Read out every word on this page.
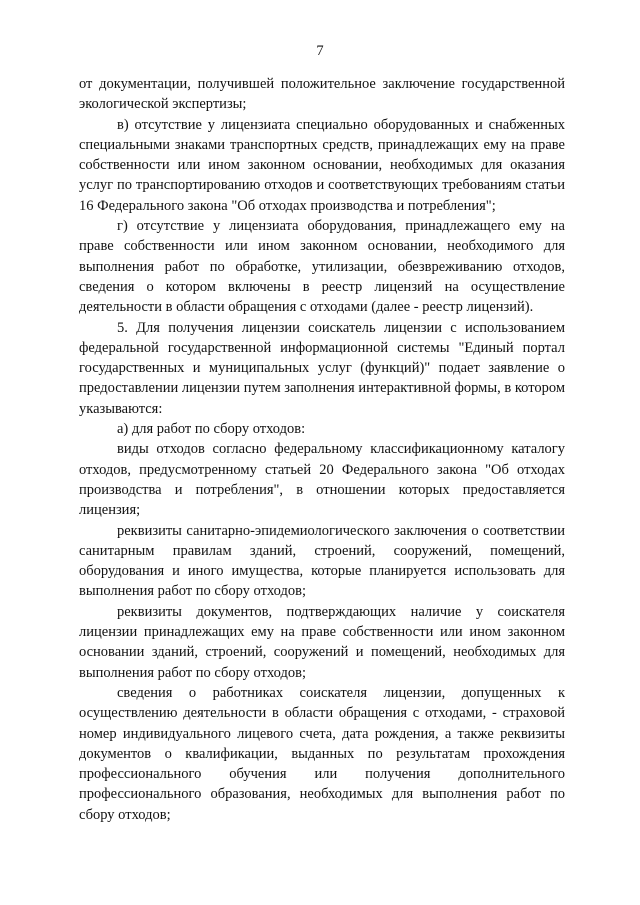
7

от документации, получившей положительное заключение государственной экологической экспертизы;

в) отсутствие у лицензиата специально оборудованных и снабженных специальными знаками транспортных средств, принадлежащих ему на праве собственности или ином законном основании, необходимых для оказания услуг по транспортированию отходов и соответствующих требованиям статьи 16 Федерального закона "Об отходах производства и потребления";

г) отсутствие у лицензиата оборудования, принадлежащего ему на праве собственности или ином законном основании, необходимого для выполнения работ по обработке, утилизации, обезвреживанию отходов, сведения о котором включены в реестр лицензий на осуществление деятельности в области обращения с отходами (далее - реестр лицензий).

5. Для получения лицензии соискатель лицензии с использованием федеральной государственной информационной системы "Единый портал государственных и муниципальных услуг (функций)" подает заявление о предоставлении лицензии путем заполнения интерактивной формы, в котором указываются:

а) для работ по сбору отходов:

виды отходов согласно федеральному классификационному каталогу отходов, предусмотренному статьей 20 Федерального закона "Об отходах производства и потребления", в отношении которых предоставляется лицензия;

реквизиты санитарно-эпидемиологического заключения о соответствии санитарным правилам зданий, строений, сооружений, помещений, оборудования и иного имущества, которые планируется использовать для выполнения работ по сбору отходов;

реквизиты документов, подтверждающих наличие у соискателя лицензии принадлежащих ему на праве собственности или ином законном основании зданий, строений, сооружений и помещений, необходимых для выполнения работ по сбору отходов;

сведения о работниках соискателя лицензии, допущенных к осуществлению деятельности в области обращения с отходами, - страховой номер индивидуального лицевого счета, дата рождения, а также реквизиты документов о квалификации, выданных по результатам прохождения профессионального обучения или получения дополнительного профессионального образования, необходимых для выполнения работ по сбору отходов;
